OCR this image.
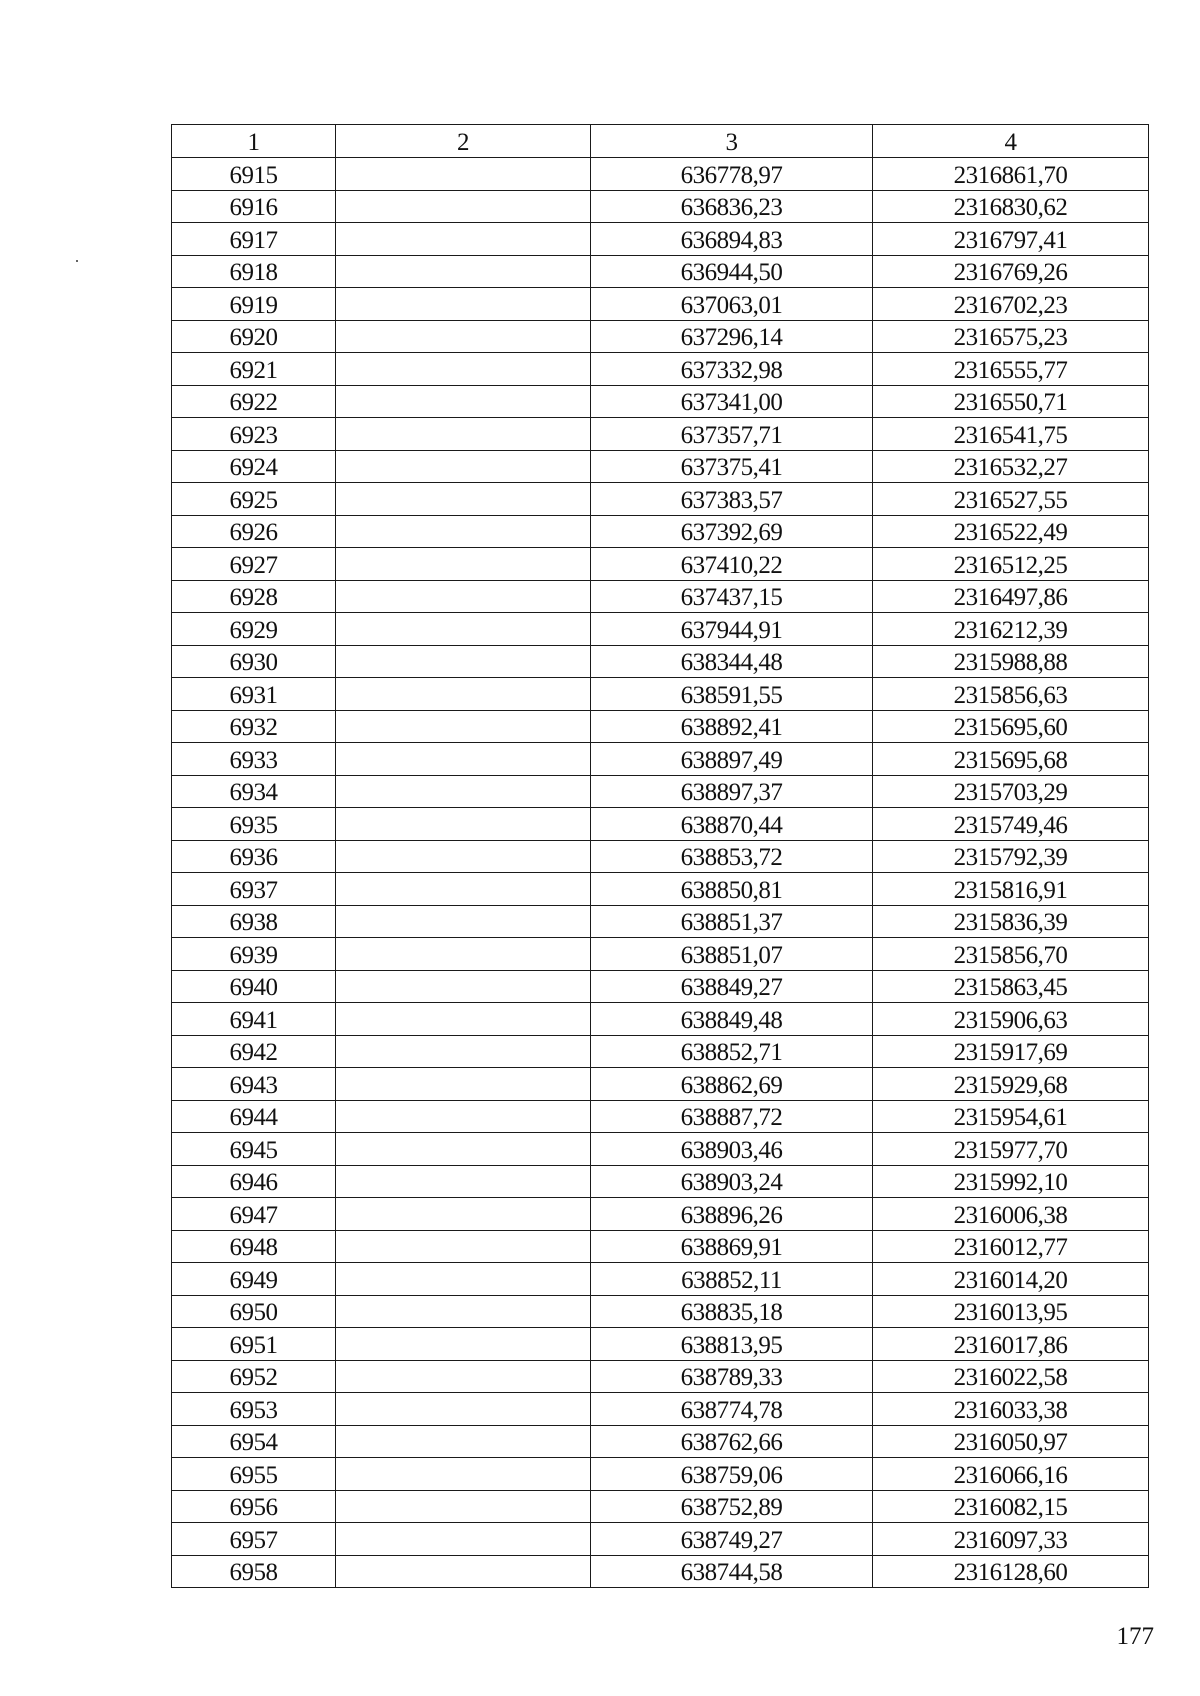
1	2	3	4
6915		636778,97	2316861,70
6916		636836,23	2316830,62
6917		636894,83	2316797,41
6918		636944,50	2316769,26
6919		637063,01	2316702,23
6920		637296,14	2316575,23
6921		637332,98	2316555,77
6922		637341,00	2316550,71
6923		637357,71	2316541,75
6924		637375,41	2316532,27
6925		637383,57	2316527,55
6926		637392,69	2316522,49
6927		637410,22	2316512,25
6928		637437,15	2316497,86
6929		637944,91	2316212,39
6930		638344,48	2315988,88
6931		638591,55	2315856,63
6932		638892,41	2315695,60
6933		638897,49	2315695,68
6934		638897,37	2315703,29
6935		638870,44	2315749,46
6936		638853,72	2315792,39
6937		638850,81	2315816,91
6938		638851,37	2315836,39
6939		638851,07	2315856,70
6940		638849,27	2315863,45
6941		638849,48	2315906,63
6942		638852,71	2315917,69
6943		638862,69	2315929,68
6944		638887,72	2315954,61
6945		638903,46	2315977,70
6946		638903,24	2315992,10
6947		638896,26	2316006,38
6948		638869,91	2316012,77
6949		638852,11	2316014,20
6950		638835,18	2316013,95
6951		638813,95	2316017,86
6952		638789,33	2316022,58
6953		638774,78	2316033,38
6954		638762,66	2316050,97
6955		638759,06	2316066,16
6956		638752,89	2316082,15
6957		638749,27	2316097,33
6958		638744,58	2316128,60
177
